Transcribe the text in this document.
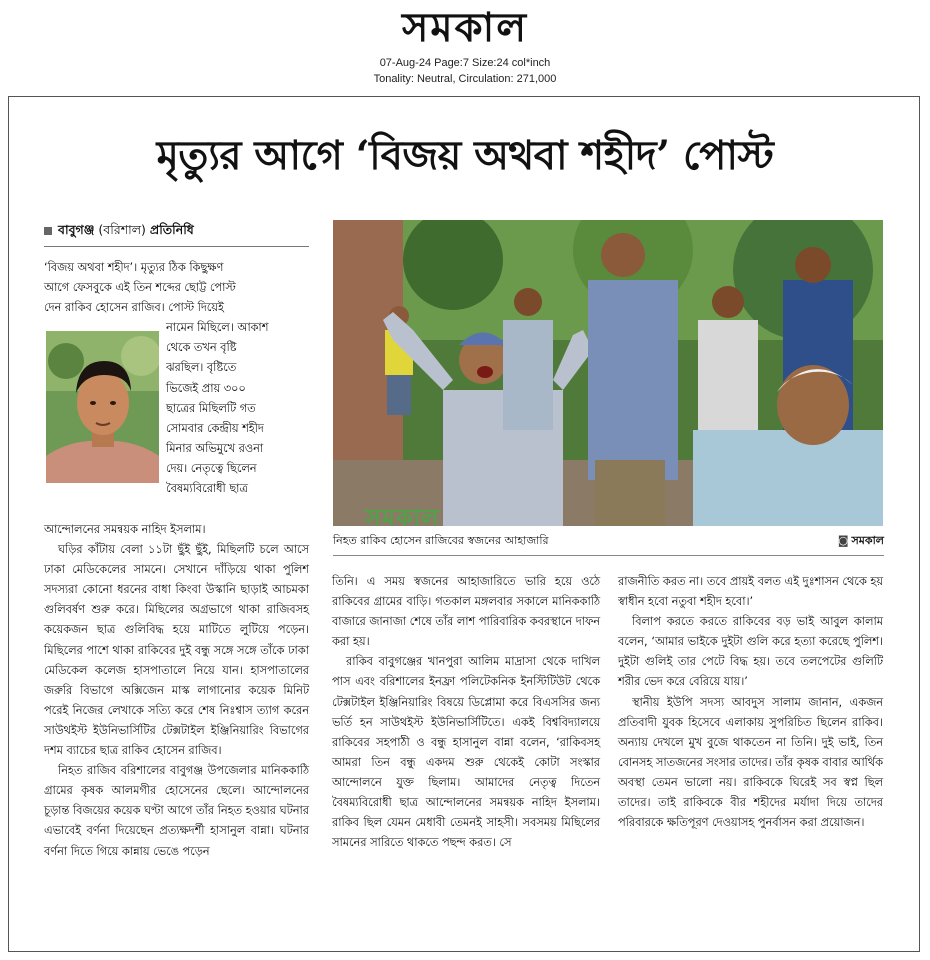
সমকাল
07-Aug-24 Page:7 Size:24 col*inch
Tonality: Neutral, Circulation: 271,000
মৃত্যুর আগে ‘বিজয় অথবা শহীদ’ পোস্ট
বাবুগঞ্জ (বরিশাল) প্রতিনিধি
‘বিজয় অথবা শহীদ’। মৃত্যুর ঠিক কিছুক্ষণ
আগে ফেসবুকে এই তিন শব্দের ছোট্ট পোস্ট
দেন রাকিব হোসেন রাজিব। পোস্ট দিয়েই
নামেন মিছিলে। আকাশ
থেকে তখন বৃষ্টি
ঝরছিল। বৃষ্টিতে
ভিজেই প্রায় ৩০০
ছাত্রের মিছিলটি গত
সোমবার কেন্দ্রীয় শহীদ
মিনার অভিমুখে রওনা
দেয়। নেতৃত্বে ছিলেন
বৈষম্যবিরোধী ছাত্র

আন্দোলনের সমন্বয়ক নাহিদ ইসলাম।

ঘড়ির কাঁটায় বেলা ১১টা ছুঁই ছুঁই, মিছিলটি চলে আসে ঢাকা মেডিকেলের সামনে। সেখানে দাঁড়িয়ে থাকা পুলিশ সদস্যরা কোনো ধরনের বাধা কিংবা উস্কানি ছাড়াই আচমকা গুলিবর্ষণ শুরু করে। মিছিলের অগ্রভাগে থাকা রাজিবসহ কয়েকজন ছাত্র গুলিবিদ্ধ হয়ে মাটিতে লুটিয়ে পড়েন। মিছিলের পাশে থাকা রাকিবের দুই বন্ধু সঙ্গে সঙ্গে তাঁকে ঢাকা মেডিকেল কলেজ হাসপাতালে নিয়ে যান। হাসপাতালের জরুরি বিভাগে অক্সিজেন মাস্ক লাগানোর কয়েক মিনিট পরেই নিজের লেখাকে সত্যি করে শেষ নিঃশ্বাস ত্যাগ করেন সাউথইস্ট ইউনিভার্সিটির টেক্সটাইল ইঞ্জিনিয়ারিং বিভাগের দশম ব্যাচের ছাত্র রাকিব হোসেন রাজিব।

নিহত রাজিব বরিশালের বাবুগঞ্জ উপজেলার মানিককাঠি গ্রামের কৃষক আলমগীর হোসেনের ছেলে। আন্দোলনের চূড়ান্ত বিজয়ের কয়েক ঘণ্টা আগে তাঁর নিহত হওয়ার ঘটনার এভাবেই বর্ণনা দিয়েছেন প্রত্যক্ষদর্শী হাসানুল বান্না। ঘটনার বর্ণনা দিতে গিয়ে কান্নায় ভেঙে পড়েন

সমকাল
নিহত রাকিব হোসেন রাজিবের স্বজনের আহাজারি	◙ সমকাল

তিনি। এ সময় স্বজনের আহাজারিতে ভারি হয়ে ওঠে রাকিবের গ্রামের বাড়ি। গতকাল মঙ্গলবার সকালে মানিককাঠি বাজারে জানাজা শেষে তাঁর লাশ পারিবারিক কবরস্থানে দাফন করা হয়।

রাকিব বাবুগঞ্জের খানপুরা আলিম মাদ্রাসা থেকে দাখিল পাস এবং বরিশালের ইনফ্রা পলিটেকনিক ইনস্টিটিউট থেকে টেক্সটাইল ইঞ্জিনিয়ারিং বিষয়ে ডিপ্লোমা করে বিএসসির জন্য ভর্তি হন সাউথইস্ট ইউনিভার্সিটিতে। একই বিশ্ববিদ্যালয়ে রাকিবের সহপাঠী ও বন্ধু হাসানুল বান্না বলেন, ‘রাকিবসহ আমরা তিন বন্ধু একদম শুরু থেকেই কোটা সংস্কার আন্দোলনে যুক্ত ছিলাম। আমাদের নেতৃত্ব দিতেন বৈষম্যবিরোধী ছাত্র আন্দোলনের সমন্বয়ক নাহিদ ইসলাম। রাকিব ছিল যেমন মেধাবী তেমনই সাহসী। সবসময় মিছিলের সামনের সারিতে থাকতে পছন্দ করত। সে

রাজনীতি করত না। তবে প্রায়ই বলত এই দুঃশাসন থেকে হয় স্বাধীন হবো নতুবা শহীদ হবো।’

বিলাপ করতে করতে রাকিবের বড় ভাই আবুল কালাম বলেন, ‘আমার ভাইকে দুইটা গুলি করে হত্যা করেছে পুলিশ। দুইটা গুলিই তার পেটে বিদ্ধ হয়। তবে তলপেটের গুলিটি শরীর ভেদ করে বেরিয়ে যায়।’

স্থানীয় ইউপি সদস্য আবদুস সালাম জানান, একজন প্রতিবাদী যুবক হিসেবে এলাকায় সুপরিচিত ছিলেন রাকিব। অন্যায় দেখলে মুখ বুজে থাকতেন না তিনি। দুই ভাই, তিন বোনসহ সাতজনের সংসার তাদের। তাঁর কৃষক বাবার আর্থিক অবস্থা তেমন ভালো নয়। রাকিবকে ঘিরেই সব স্বপ্ন ছিল তাদের। তাই রাকিবকে বীর শহীদের মর্যাদা দিয়ে তাদের পরিবারকে ক্ষতিপূরণ দেওয়াসহ পুনর্বাসন করা প্রয়োজন।
